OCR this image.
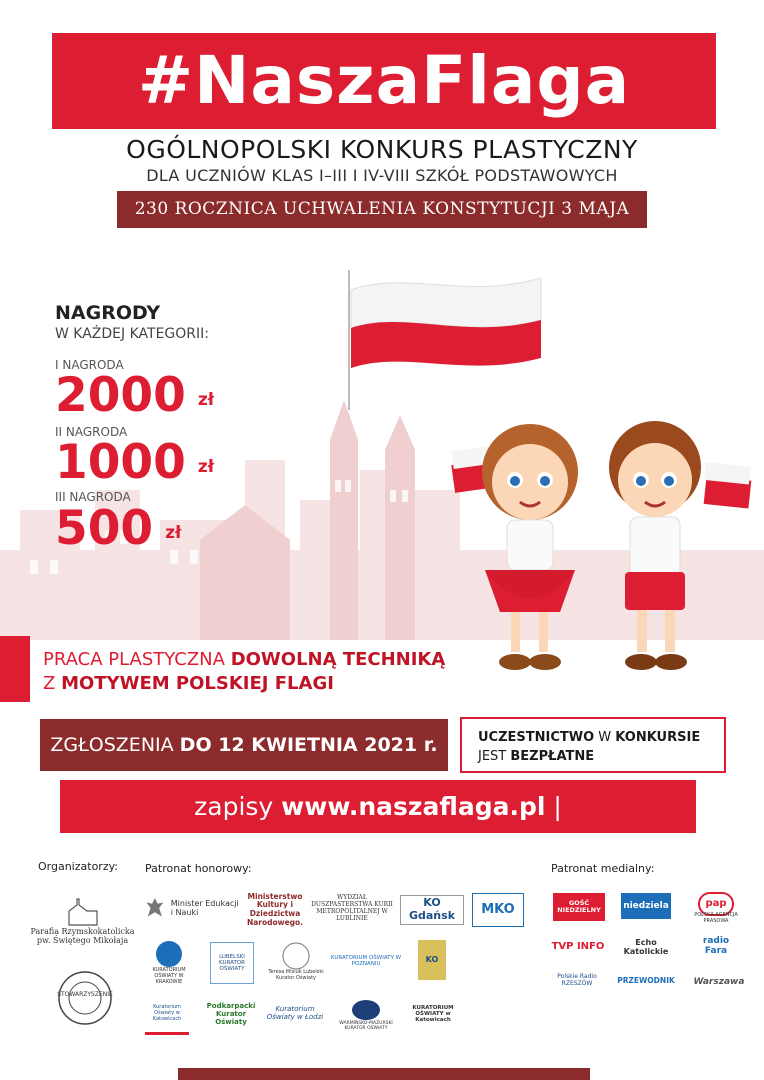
#NaszaFlaga
OGÓLNOPOLSKI KONKURS PLASTYCZNY
DLA UCZNIÓW KLAS I–III I IV-VIII SZKÓŁ PODSTAWOWYCH
230 ROCZNICA UCHWALENIA KONSTYTUCJI 3 MAJA
NAGRODY
W KAŻDEJ KATEGORII:
I NAGRODA
2000 zł
II NAGRODA
1000 zł
III NAGRODA
500 zł
PRACA PLASTYCZNA DOWOLNĄ TECHNIKĄ
Z MOTYWEM POLSKIEJ FLAGI
ZGŁOSZENIA DO 12 KWIETNIA 2021 r.	UCZESTNICTWO W KONKURSIE
JEST BEZPŁATNE
zapisy www.naszaflaga.pl | kontakt@naszaflaga.pl
Organizatorzy: Patronat honorowy:	Patronat medialny:
Parafia Rzymskokatolicka pw. Świętego Mikołaja
STOWARZYSZENIE
Minister Edukacji i Nauki
Ministerstwo Kultury i Dziedzictwa Narodowego.
WYDZIAŁ DUSZPASTERSTWA KURII METROPOLITALNEJ W LUBLINIE
KO Gdańsk	MKO
KURATORIUM OŚWIATY W KRAKOWIE
LUBELSKI KURATOR OŚWIATY
Teresa Misiuk Lubelski Kurator Oświaty
KURATORIUM OŚWIATY W POZNANIU	KO
Kuratorium Oświaty w Katowicach
Podkarpacki Kurator Oświaty
Kuratorium Oświaty w Łodzi
WARMIŃSKO-MAZURSKI KURATOR OŚWIATY
KURATORIUM OŚWIATY w Katowicach
GOŚĆ NIEDZIELNY	niedziela	pap
POLSKA AGENCJA PRASOWA
TVP INFO	Echo Katolickie
radio Fara
Polskie Radio RZESZÓW	PRZEWODNIK	Warszawa
